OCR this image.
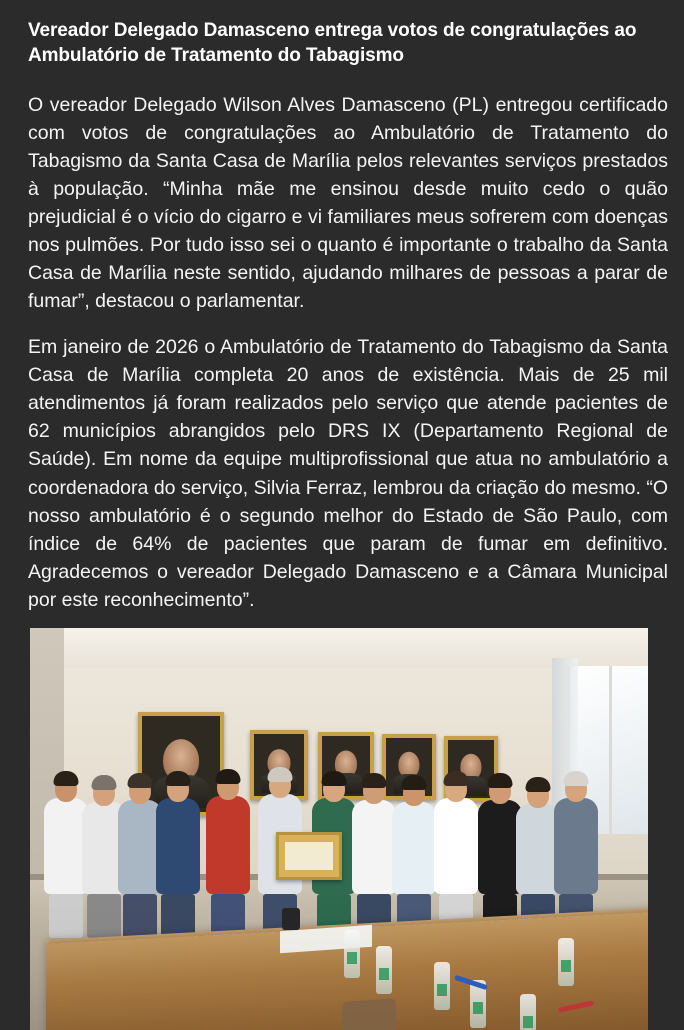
Vereador Delegado Damasceno entrega votos de congratulações ao Ambulatório de Tratamento do Tabagismo

O vereador Delegado Wilson Alves Damasceno (PL) entregou certificado com votos de congratulações ao Ambulatório de Tratamento do Tabagismo da Santa Casa de Marília pelos relevantes serviços prestados à população. “Minha mãe me ensinou desde muito cedo o quão prejudicial é o vício do cigarro e vi familiares meus sofrerem com doenças nos pulmões. Por tudo isso sei o quanto é importante o trabalho da Santa Casa de Marília neste sentido, ajudando milhares de pessoas a parar de fumar”, destacou o parlamentar.

Em janeiro de 2026 o Ambulatório de Tratamento do Tabagismo da Santa Casa de Marília completa 20 anos de existência. Mais de 25 mil atendimentos já foram realizados pelo serviço que atende pacientes de 62 municípios abrangidos pelo DRS IX (Departamento Regional de Saúde). Em nome da equipe multiprofissional que atua no ambulatório a coordenadora do serviço, Silvia Ferraz, lembrou da criação do mesmo. “O nosso ambulatório é o segundo melhor do Estado de São Paulo, com índice de 64% de pacientes que param de fumar em definitivo. Agradecemos o vereador Delegado Damasceno e a Câmara Municipal por este reconhecimento”.
